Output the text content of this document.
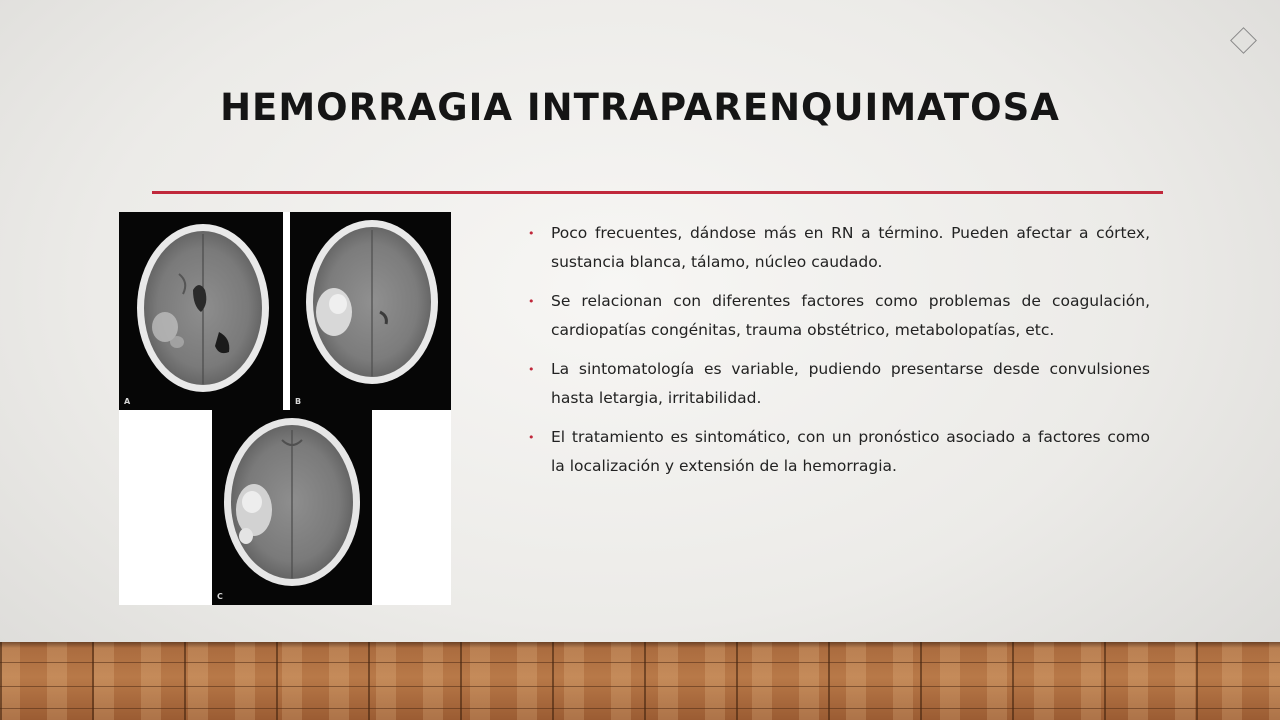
HEMORRAGIA INTRAPARENQUIMATOSA
A	B
C
• Poco frecuentes, dándose más en RN a término. Pueden afectar a córtex, sustancia blanca, tálamo, núcleo caudado.
• Se relacionan con diferentes factores como problemas de coagulación, cardiopatías congénitas, trauma obstétrico, metabolopatías, etc.
• La sintomatología es variable, pudiendo presentarse desde convulsiones hasta letargia, irritabilidad.
• El tratamiento es sintomático, con un pronóstico asociado a factores como la localización y extensión de la hemorragia.
